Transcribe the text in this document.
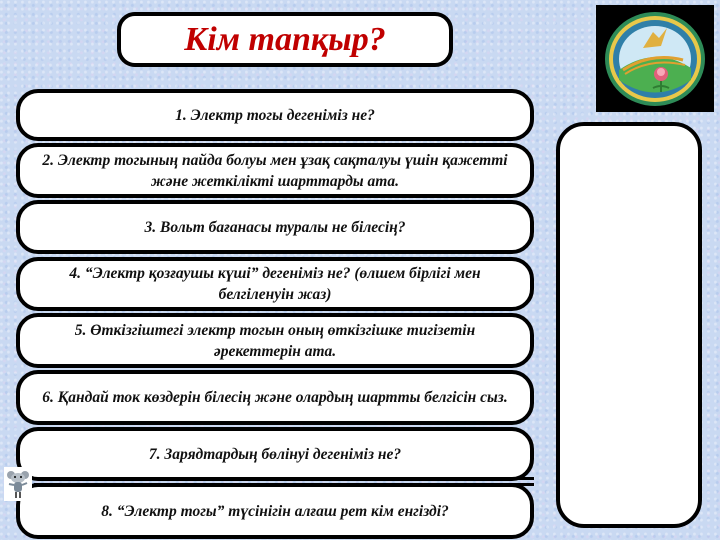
Кім тапқыр?
1. Электр тогы дегеніміз не?
2. Электр тогының пайда болуы мен ұзақ сақталуы үшін қажетті және жеткілікті шарттарды ата.
3. Вольт бағанасы туралы не білесің?
4. “Электр қозғаушы күші” дегеніміз не? (өлшем бірлігі мен белгіленуін жаз)
5. Өткізгіштегі электр тогын оның өткізгішке тигізетін әрекеттерін ата.
6. Қандай ток көздерін білесің және олардың шартты белгісін сыз.
7. Зарядтардың бөлінуі дегеніміз не?
8. “Электр тогы” түсінігін алғаш рет кім енгізді?
